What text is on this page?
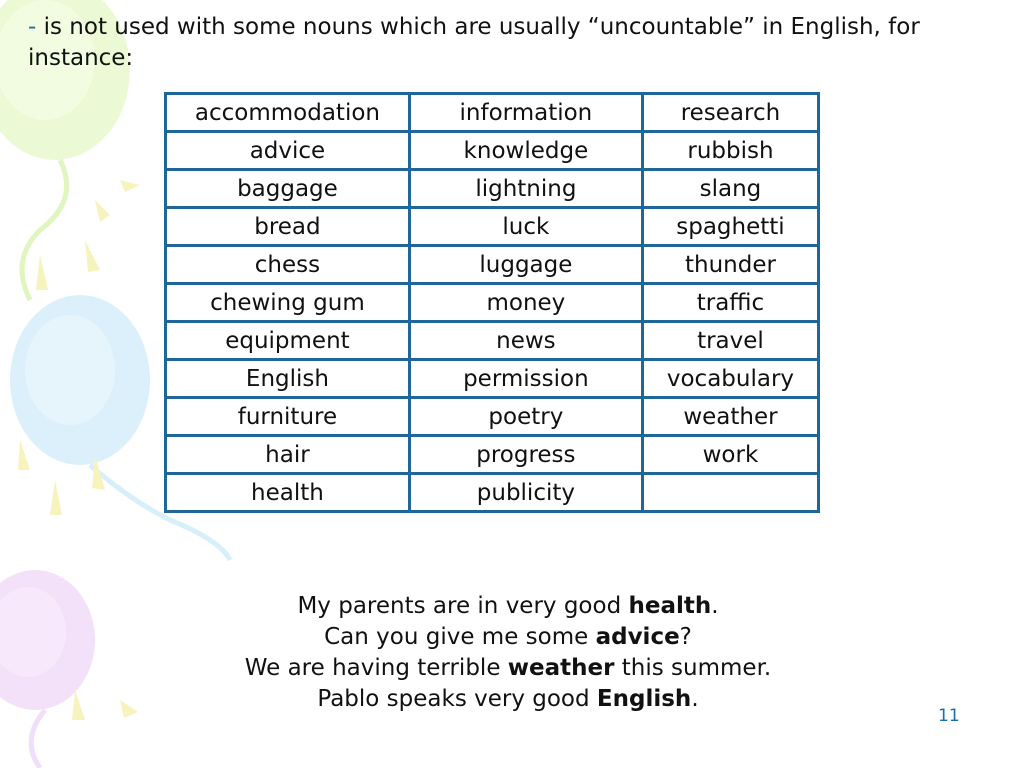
- is not used with some nouns which are usually “uncountable” in English, for instance:

accommodation	information	research
advice	knowledge	rubbish
baggage	lightning	slang
bread	luck	spaghetti
chess	luggage	thunder
chewing gum	money	traffic
equipment	news	travel
English	permission	vocabulary
furniture	poetry	weather
hair	progress	work
health	publicity	
My parents are in very good health.
Can you give me some advice?
We are having terrible weather this summer.
Pablo speaks very good English.
11
